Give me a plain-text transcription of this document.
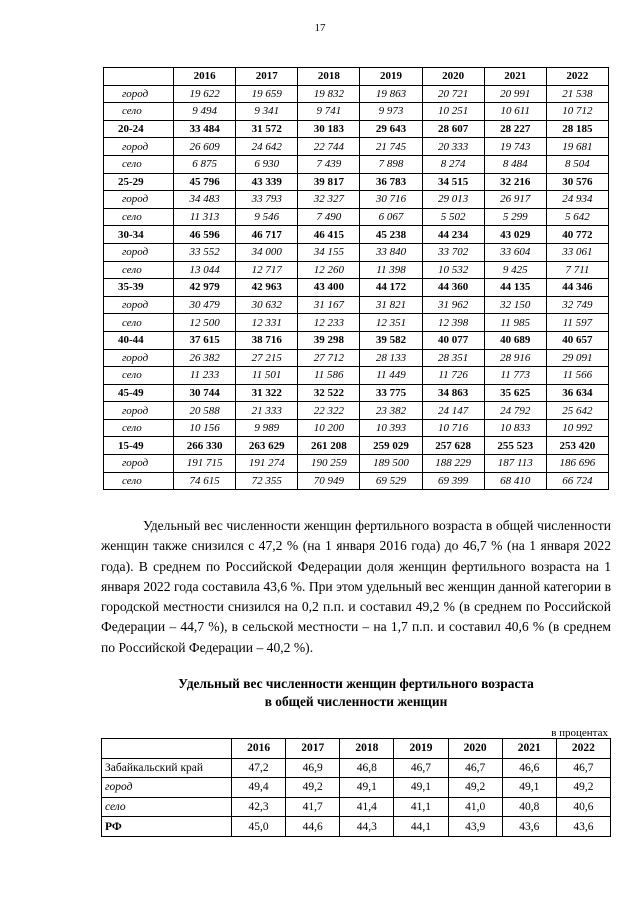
17
	2016	2017	2018	2019	2020	2021	2022
город	19 622	19 659	19 832	19 863	20 721	20 991	21 538
село	9 494	9 341	9 741	9 973	10 251	10 611	10 712
20-24	33 484	31 572	30 183	29 643	28 607	28 227	28 185
город	26 609	24 642	22 744	21 745	20 333	19 743	19 681
село	6 875	6 930	7 439	7 898	8 274	8 484	8 504
25-29	45 796	43 339	39 817	36 783	34 515	32 216	30 576
город	34 483	33 793	32 327	30 716	29 013	26 917	24 934
село	11 313	9 546	7 490	6 067	5 502	5 299	5 642
30-34	46 596	46 717	46 415	45 238	44 234	43 029	40 772
город	33 552	34 000	34 155	33 840	33 702	33 604	33 061
село	13 044	12 717	12 260	11 398	10 532	9 425	7 711
35-39	42 979	42 963	43 400	44 172	44 360	44 135	44 346
город	30 479	30 632	31 167	31 821	31 962	32 150	32 749
село	12 500	12 331	12 233	12 351	12 398	11 985	11 597
40-44	37 615	38 716	39 298	39 582	40 077	40 689	40 657
город	26 382	27 215	27 712	28 133	28 351	28 916	29 091
село	11 233	11 501	11 586	11 449	11 726	11 773	11 566
45-49	30 744	31 322	32 522	33 775	34 863	35 625	36 634
город	20 588	21 333	22 322	23 382	24 147	24 792	25 642
село	10 156	9 989	10 200	10 393	10 716	10 833	10 992
15-49	266 330	263 629	261 208	259 029	257 628	255 523	253 420
город	191 715	191 274	190 259	189 500	188 229	187 113	186 696
село	74 615	72 355	70 949	69 529	69 399	68 410	66 724

Удельный вес численности женщин фертильного возраста в общей численности женщин также снизился с 47,2 % (на 1 января 2016 года) до 46,7 % (на 1 января 2022 года). В среднем по Российской Федерации доля женщин фертильного возраста на 1 января 2022 года составила 43,6 %. При этом удельный вес женщин данной категории в городской местности снизился на 0,2 п.п. и составил 49,2 % (в среднем по Российской Федерации – 44,7 %), в сельской местности – на 1,7 п.п. и составил 40,6 % (в среднем по Российской Федерации – 40,2 %).

Удельный вес численности женщин фертильного возраста
в общей численности женщин
в процентах
	2016	2017	2018	2019	2020	2021	2022
Забайкальский край	47,2	46,9	46,8	46,7	46,7	46,6	46,7
город	49,4	49,2	49,1	49,1	49,2	49,1	49,2
село	42,3	41,7	41,4	41,1	41,0	40,8	40,6
РФ	45,0	44,6	44,3	44,1	43,9	43,6	43,6
